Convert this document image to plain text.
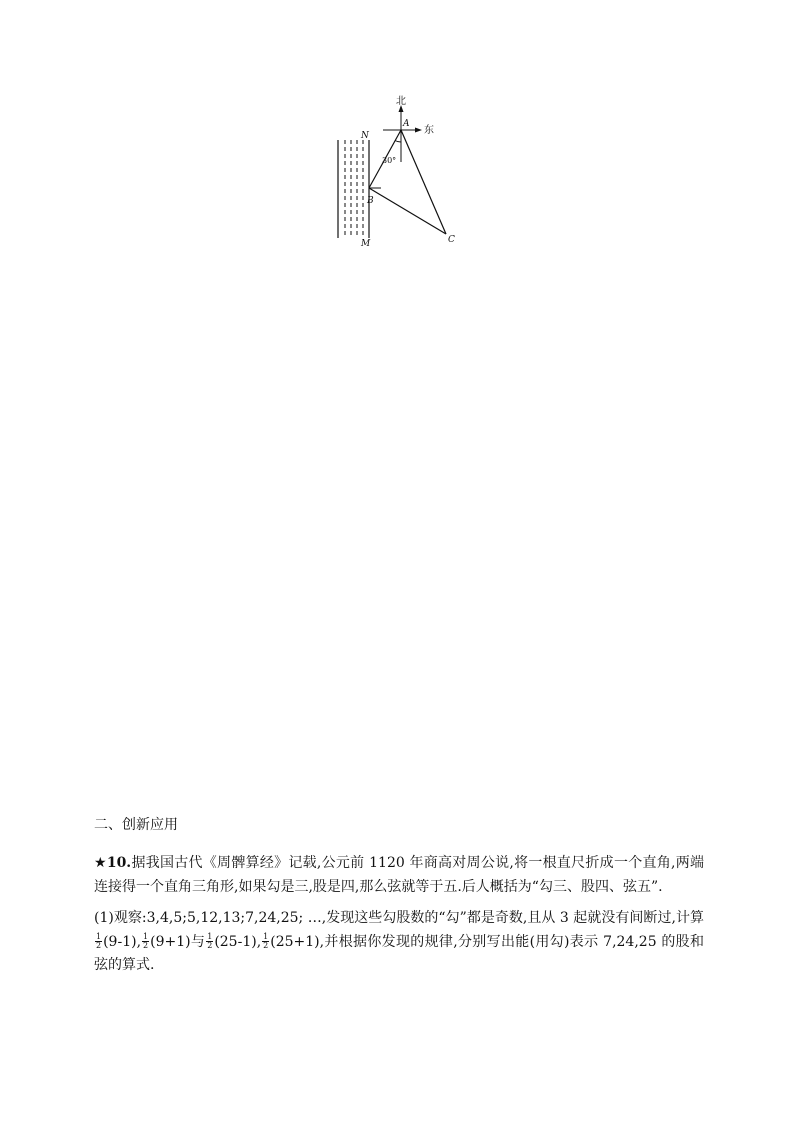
北
东
A
B
C
N
M
30°
二、创新应用
★10.据我国古代《周髀算经》记载,公元前 1120 年商高对周公说,将一根直尺折成一个直角,两端连接得一个直角三角形,如果勾是三,股是四,那么弦就等于五.后人概括为“勾三、股四、弦五”.
(1)观察:3,4,5;5,12,13;7,24,25; …,发现这些勾股数的“勾”都是奇数,且从 3 起就没有间断过,计算
$\frac{1}{2} (9-1)$, $\frac{1}{2} (9+1)$与 $\frac{1}{2} (25-1)$, $\frac{1}{2} (25+1)$,并根据你发现的规律,分别写出能(用勾)表示 7,24,25 的股和弦的算式.
